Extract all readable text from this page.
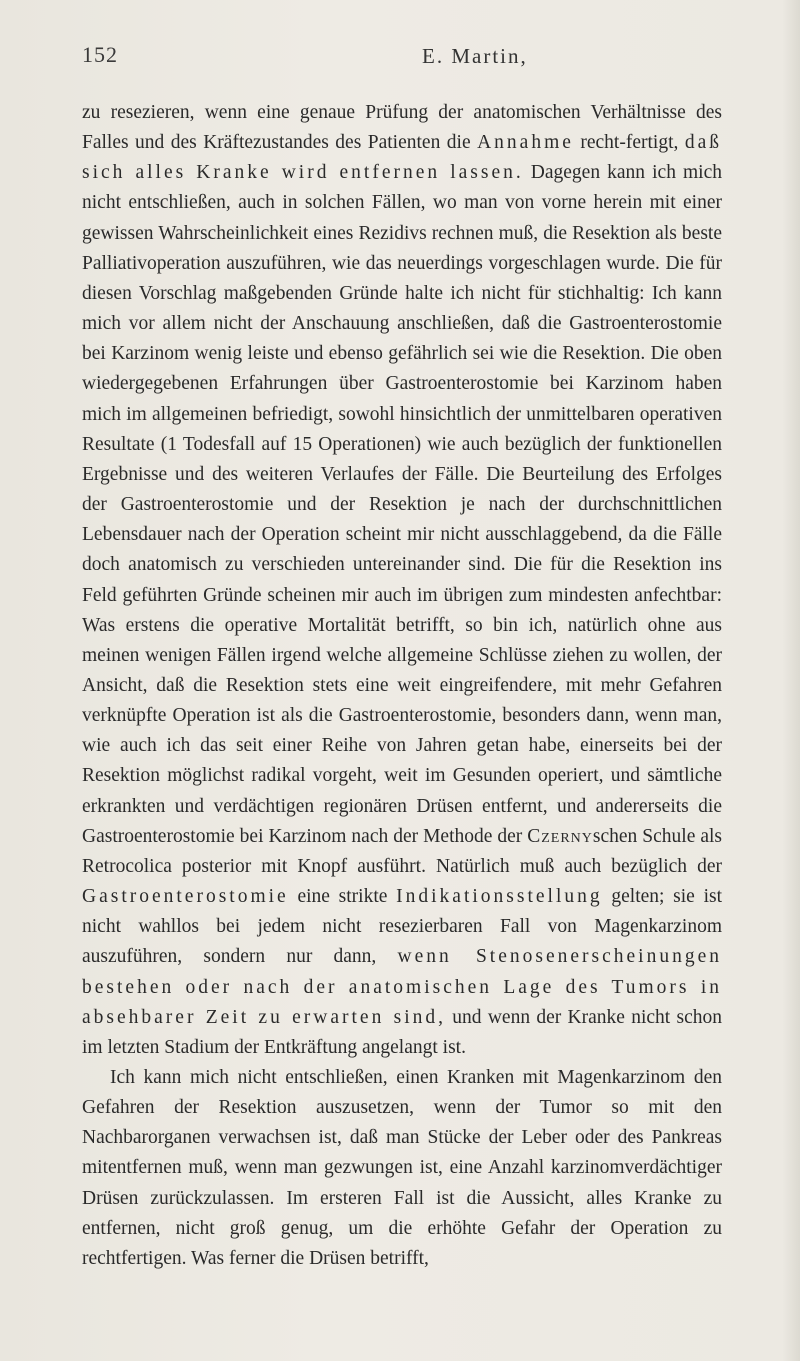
152	E. Martin,

zu resezieren, wenn eine genaue Prüfung der anatomischen Verhältnisse des Falles und des Kräftezustandes des Patienten die Annahme recht-fertigt, daß sich alles Kranke wird entfernen lassen. Dagegen kann ich mich nicht entschließen, auch in solchen Fällen, wo man von vorne herein mit einer gewissen Wahrscheinlichkeit eines Rezidivs rechnen muß, die Resektion als beste Palliativoperation auszuführen, wie das neuerdings vorgeschlagen wurde. Die für diesen Vorschlag maßgebenden Gründe halte ich nicht für stichhaltig: Ich kann mich vor allem nicht der Anschauung anschließen, daß die Gastroenterostomie bei Karzinom wenig leiste und ebenso gefährlich sei wie die Resektion. Die oben wiedergegebenen Erfahrungen über Gastroenterostomie bei Karzinom haben mich im allgemeinen befriedigt, sowohl hinsichtlich der unmittelbaren operativen Resultate (1 Todesfall auf 15 Operationen) wie auch bezüglich der funktionellen Ergebnisse und des weiteren Verlaufes der Fälle. Die Beurteilung des Erfolges der Gastroenterostomie und der Resektion je nach der durchschnittlichen Lebensdauer nach der Operation scheint mir nicht ausschlaggebend, da die Fälle doch anatomisch zu verschieden untereinander sind. Die für die Resektion ins Feld geführten Gründe scheinen mir auch im übrigen zum mindesten anfechtbar: Was erstens die operative Mortalität betrifft, so bin ich, natürlich ohne aus meinen wenigen Fällen irgend welche allgemeine Schlüsse ziehen zu wollen, der Ansicht, daß die Resektion stets eine weit eingreifendere, mit mehr Gefahren verknüpfte Operation ist als die Gastroenterostomie, besonders dann, wenn man, wie auch ich das seit einer Reihe von Jahren getan habe, einerseits bei der Resektion möglichst radikal vorgeht, weit im Gesunden operiert, und sämtliche erkrankten und verdächtigen regionären Drüsen entfernt, und andererseits die Gastroenterostomie bei Karzinom nach der Methode der Czernyschen Schule als Retrocolica posterior mit Knopf ausführt. Natürlich muß auch bezüglich der Gastroenterostomie eine strikte Indikationsstellung gelten; sie ist nicht wahllos bei jedem nicht resezierbaren Fall von Magenkarzinom auszuführen, sondern nur dann, wenn Stenosenerscheinungen bestehen oder nach der anatomischen Lage des Tumors in absehbarer Zeit zu erwarten sind, und wenn der Kranke nicht schon im letzten Stadium der Entkräftung angelangt ist.

Ich kann mich nicht entschließen, einen Kranken mit Magenkarzinom den Gefahren der Resektion auszusetzen, wenn der Tumor so mit den Nachbarorganen verwachsen ist, daß man Stücke der Leber oder des Pankreas mitentfernen muß, wenn man gezwungen ist, eine Anzahl karzinomverdächtiger Drüsen zurückzulassen. Im ersteren Fall ist die Aussicht, alles Kranke zu entfernen, nicht groß genug, um die erhöhte Gefahr der Operation zu rechtfertigen. Was ferner die Drüsen betrifft,
